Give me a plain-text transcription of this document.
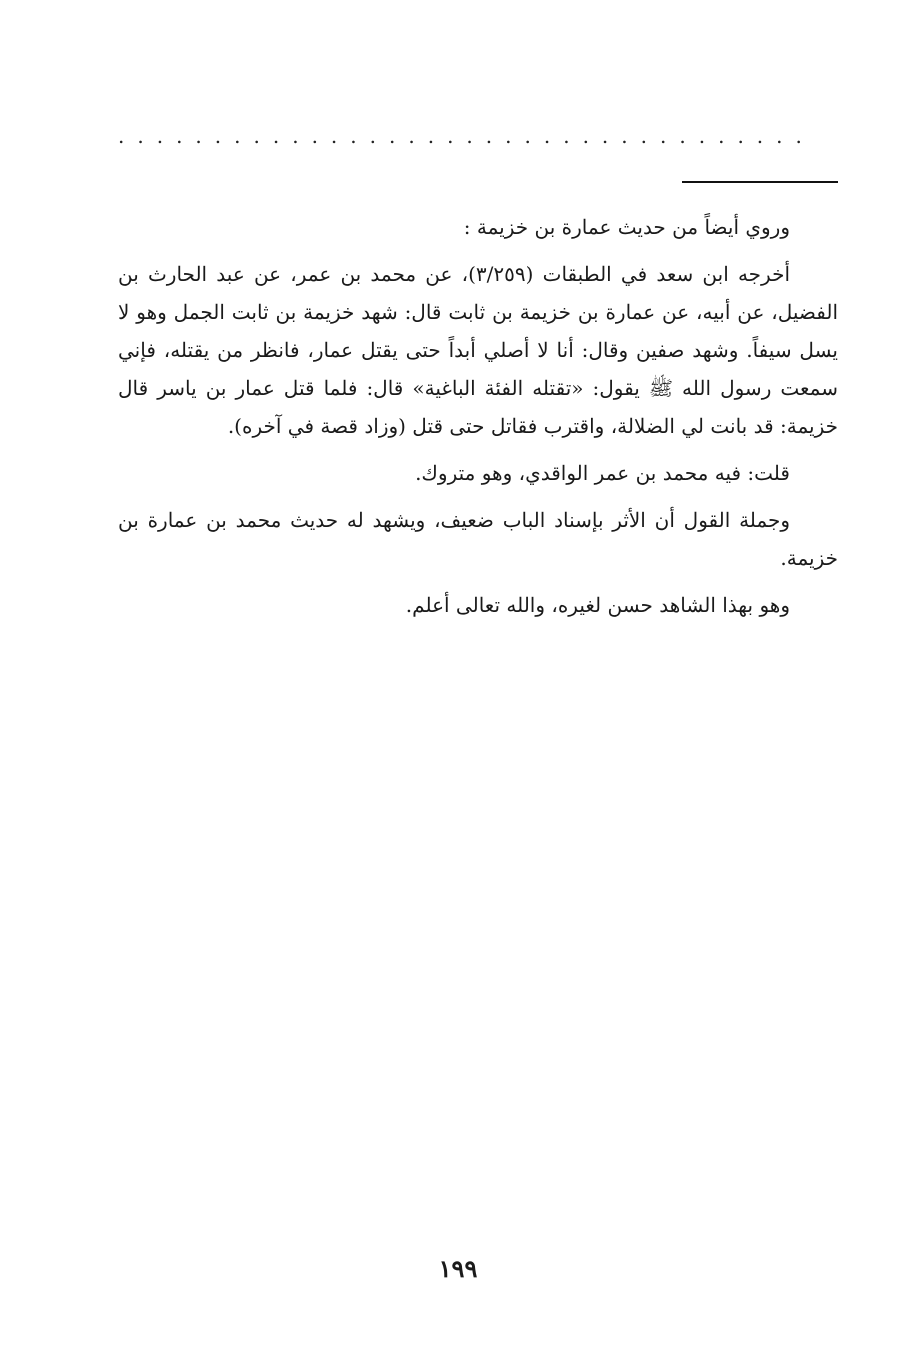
....................................

وروي أيضاً من حديث عمارة بن خزيمة :

أخرجه ابن سعد في الطبقات (٣/٢٥٩)، عن محمد بن عمر، عن عبد الحارث بن الفضيل، عن أبيه، عن عمارة بن خزيمة بن ثابت قال: شهد خزيمة بن ثابت الجمل وهو لا يسل سيفاً. وشهد صفين وقال: أنا لا أصلي أبداً حتى يقتل عمار، فانظر من يقتله، فإني سمعت رسول الله ﷺ يقول: «تقتله الفئة الباغية» قال: فلما قتل عمار بن ياسر قال خزيمة: قد بانت لي الضلالة، واقترب فقاتل حتى قتل (وزاد قصة في آخره).

قلت: فيه محمد بن عمر الواقدي، وهو متروك.

وجملة القول أن الأثر بإسناد الباب ضعيف، ويشهد له حديث محمد بن عمارة بن خزيمة.

وهو بهذا الشاهد حسن لغيره، والله تعالى أعلم.

١٩٩
